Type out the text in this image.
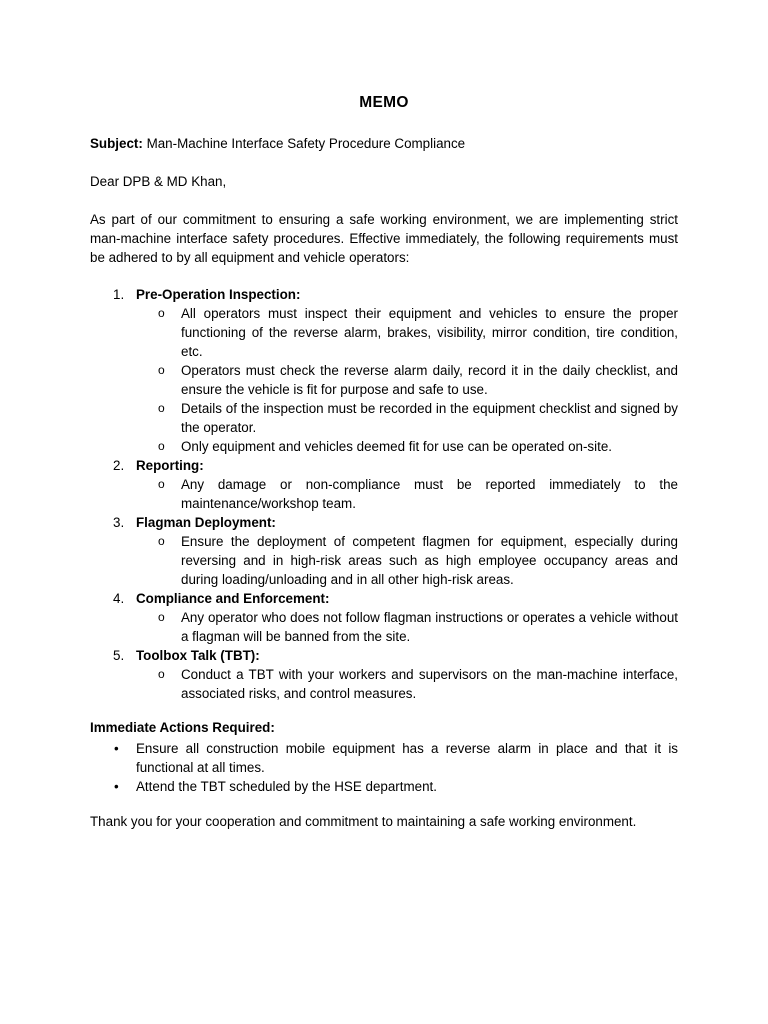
MEMO
Subject: Man-Machine Interface Safety Procedure Compliance
Dear DPB & MD Khan,
As part of our commitment to ensuring a safe working environment, we are implementing strict man-machine interface safety procedures. Effective immediately, the following requirements must be adhered to by all equipment and vehicle operators:
1. Pre-Operation Inspection:
o All operators must inspect their equipment and vehicles to ensure the proper functioning of the reverse alarm, brakes, visibility, mirror condition, tire condition, etc.
o Operators must check the reverse alarm daily, record it in the daily checklist, and ensure the vehicle is fit for purpose and safe to use.
o Details of the inspection must be recorded in the equipment checklist and signed by the operator.
o Only equipment and vehicles deemed fit for use can be operated on-site.
2. Reporting:
o Any damage or non-compliance must be reported immediately to the maintenance/workshop team.
3. Flagman Deployment:
o Ensure the deployment of competent flagmen for equipment, especially during reversing and in high-risk areas such as high employee occupancy areas and during loading/unloading and in all other high-risk areas.
4. Compliance and Enforcement:
o Any operator who does not follow flagman instructions or operates a vehicle without a flagman will be banned from the site.
5. Toolbox Talk (TBT):
o Conduct a TBT with your workers and supervisors on the man-machine interface, associated risks, and control measures.
Immediate Actions Required:
• Ensure all construction mobile equipment has a reverse alarm in place and that it is functional at all times.
• Attend the TBT scheduled by the HSE department.
Thank you for your cooperation and commitment to maintaining a safe working environment.
